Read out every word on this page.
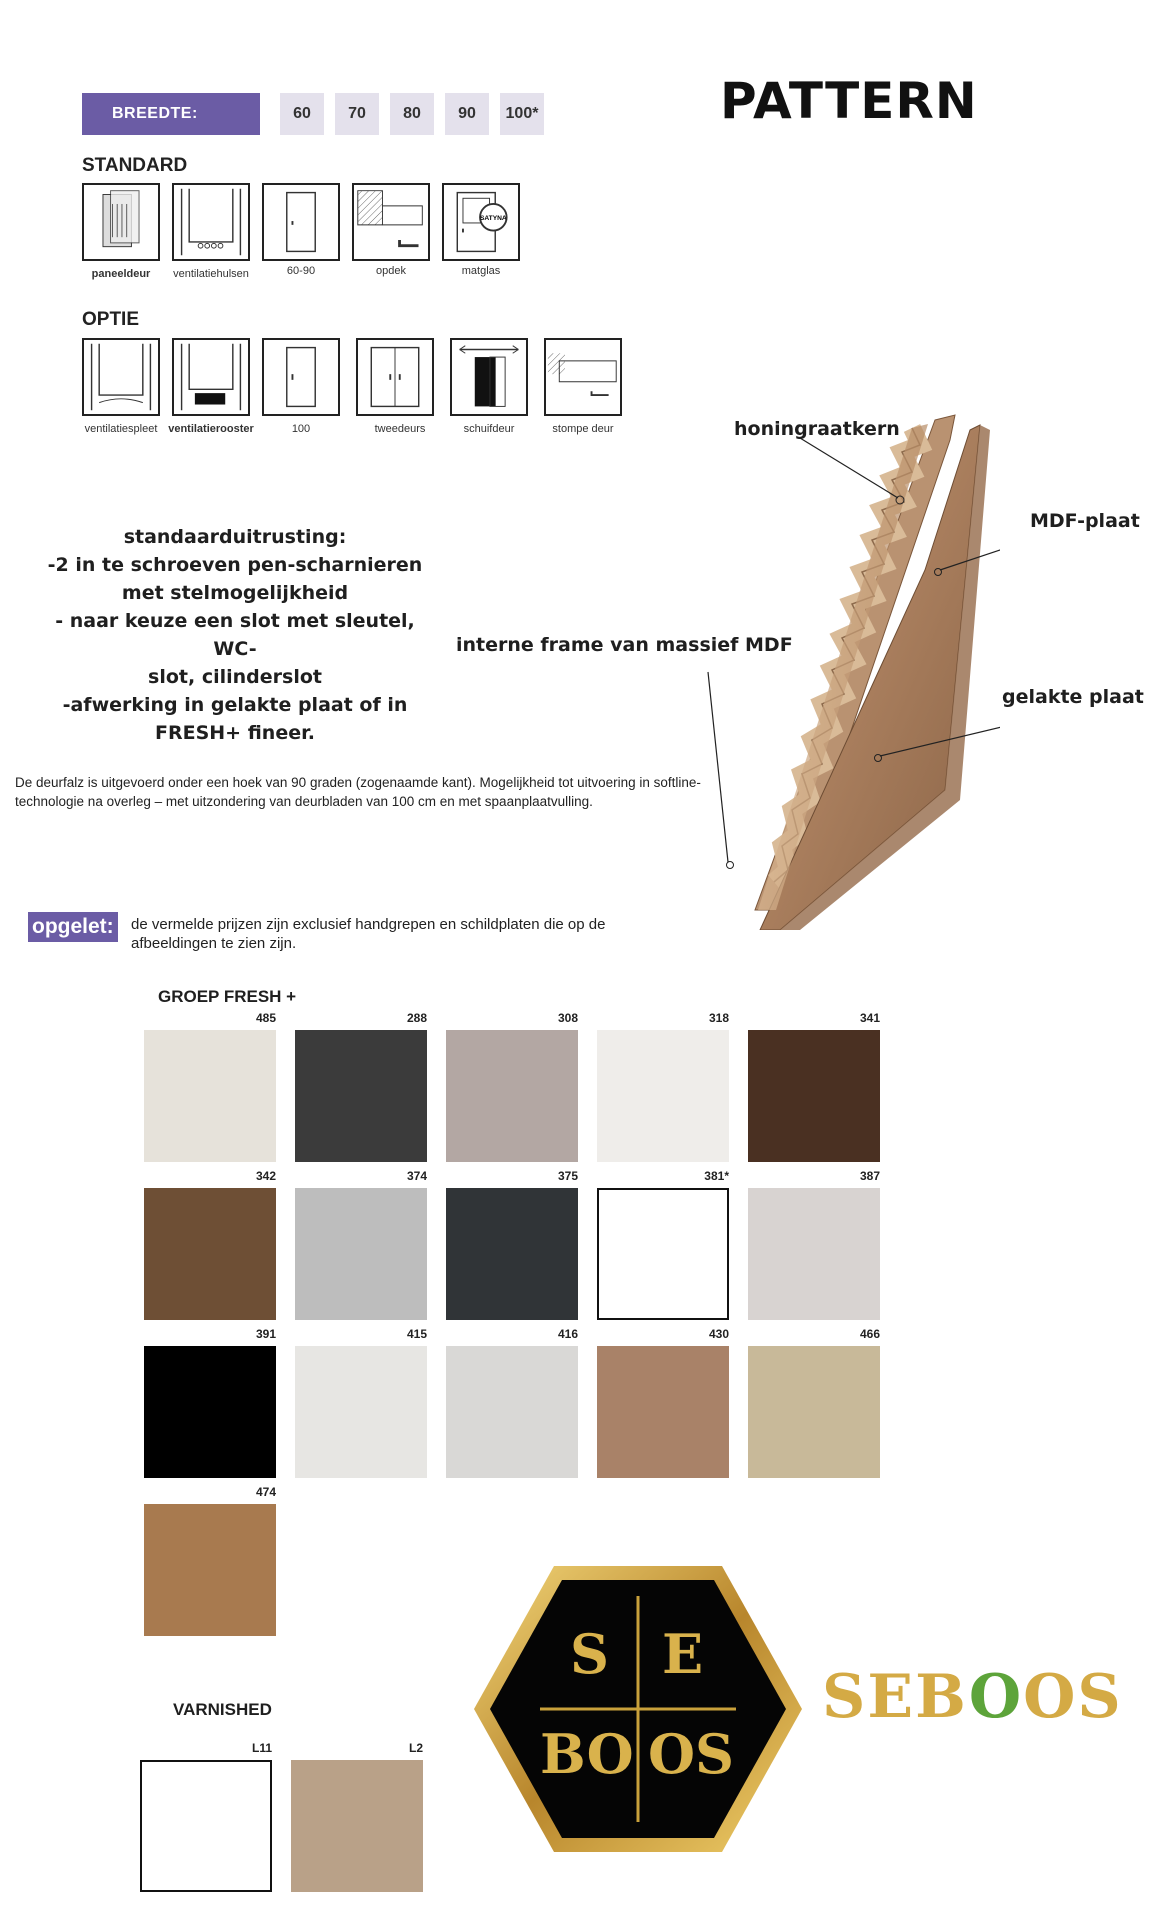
BREEDTE:	60	70	80	90	100*	PATTERN
STANDARD
paneeldeur	ventilatiehulsen	60-90	opdek
SATYNA
matglas
OPTIE
ventilatiespleet ventilatierooster	100	tweedeurs	schuifdeur	stompe deur
standaarduitrusting:
-2 in te schroeven pen-scharnieren
met stelmogelijkheid
- naar keuze een slot met sleutel, WC-
slot, cilinderslot
-afwerking in gelakte plaat of in
FRESH+ fineer.
De deurfalz is uitgevoerd onder een hoek van 90 graden (zogenaamde kant). Mogelijkheid tot uitvoering in softline-technologie na overleg – met uitzondering van deurbladen van 100 cm en met spaanplaatvulling.
honingraatkern
MDF-plaat
interne frame van massief MDF
gelakte plaat
opgelet: de vermelde prijzen zijn exclusief handgrepen en schildplaten die op de afbeeldingen te zien zijn.
GROEP FRESH +
485	288	308	318	341
342	374	375	381*	387
391	415	416	430	466
474
VARNISHED
L11	L2
S E
BO OS
SEBOOS
